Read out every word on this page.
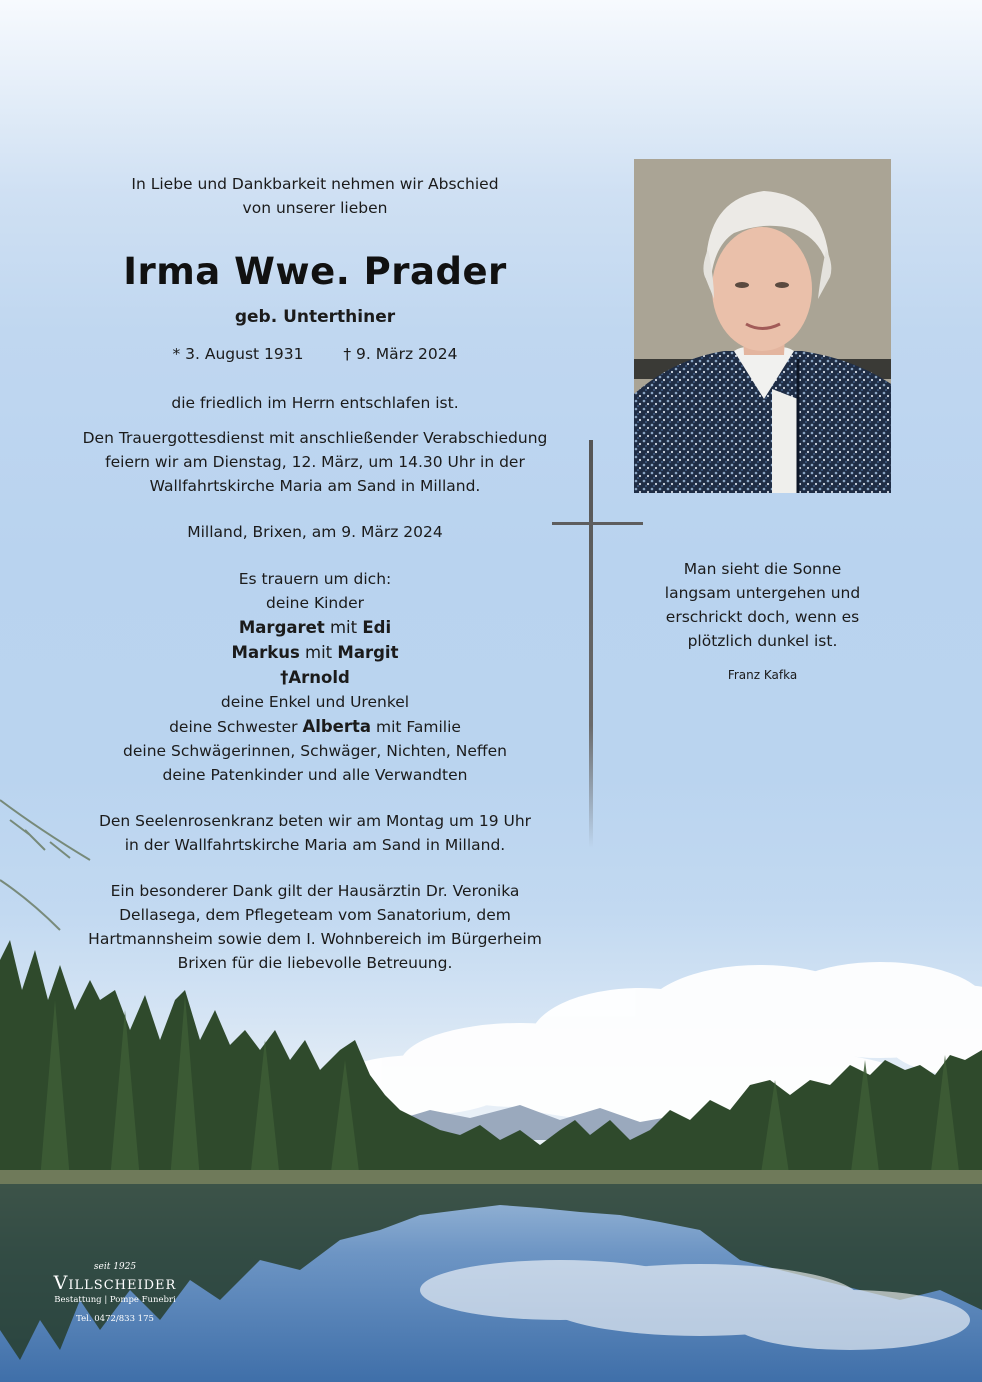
In Liebe und Dankbarkeit nehmen wir Abschied
von unserer lieben
Irma Wwe. Prader
geb. Unterthiner
* 3. August 1931	† 9. März 2024
die friedlich im Herrn entschlafen ist.
Den Trauergottesdienst mit anschließender Verabschiedung
feiern wir am Dienstag, 12. März, um 14.30 Uhr in der
Wallfahrtskirche Maria am Sand in Milland.
Milland, Brixen, am 9. März 2024
Es trauern um dich:
deine Kinder
Margaret mit Edi
Markus mit Margit
†Arnold
deine Enkel und Urenkel
deine Schwester Alberta mit Familie
deine Schwägerinnen, Schwäger, Nichten, Neffen
deine Patenkinder und alle Verwandten
Den Seelenrosenkranz beten wir am Montag um 19 Uhr
in der Wallfahrtskirche Maria am Sand in Milland.
Ein besonderer Dank gilt der Hausärztin Dr. Veronika
Dellasega, dem Pflegeteam vom Sanatorium, dem
Hartmannsheim sowie dem I. Wohnbereich im Bürgerheim
Brixen für die liebevolle Betreuung.
Man sieht die Sonne
langsam untergehen und
erschrickt doch, wenn es
plötzlich dunkel ist.
Franz Kafka
seit 1925
Villscheider
Bestattung | Pompe Funebri
Tel. 0472/833 175
